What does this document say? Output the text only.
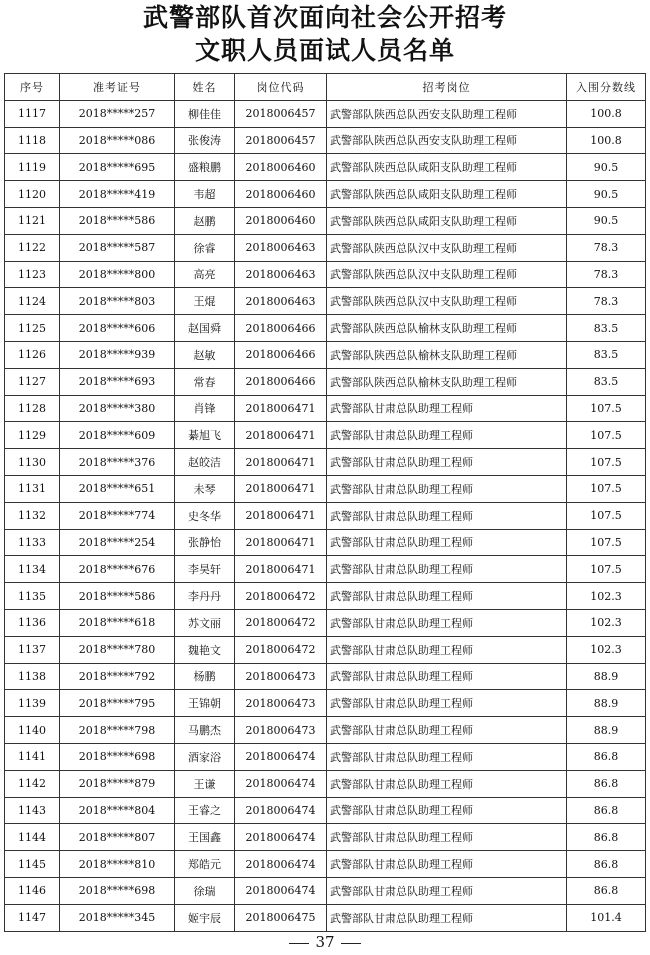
武警部队首次面向社会公开招考
文职人员面试人员名单
序号	准考证号	姓名	岗位代码	招考岗位	入围分数线
1117	2018*****257	柳佳佳	2018006457	武警部队陕西总队西安支队助理工程师	100.8
1118	2018*****086	张俊涛	2018006457	武警部队陕西总队西安支队助理工程师	100.8
1119	2018*****695	盛粮鹏	2018006460	武警部队陕西总队咸阳支队助理工程师	90.5
1120	2018*****419	韦超	2018006460	武警部队陕西总队咸阳支队助理工程师	90.5
1121	2018*****586	赵鹏	2018006460	武警部队陕西总队咸阳支队助理工程师	90.5
1122	2018*****587	徐睿	2018006463	武警部队陕西总队汉中支队助理工程师	78.3
1123	2018*****800	高亮	2018006463	武警部队陕西总队汉中支队助理工程师	78.3
1124	2018*****803	王焜	2018006463	武警部队陕西总队汉中支队助理工程师	78.3
1125	2018*****606	赵国舜	2018006466	武警部队陕西总队榆林支队助理工程师	83.5
1126	2018*****939	赵敏	2018006466	武警部队陕西总队榆林支队助理工程师	83.5
1127	2018*****693	常春	2018006466	武警部队陕西总队榆林支队助理工程师	83.5
1128	2018*****380	肖锋	2018006471	武警部队甘肃总队助理工程师	107.5
1129	2018*****609	綦旭飞	2018006471	武警部队甘肃总队助理工程师	107.5
1130	2018*****376	赵皎洁	2018006471	武警部队甘肃总队助理工程师	107.5
1131	2018*****651	未琴	2018006471	武警部队甘肃总队助理工程师	107.5
1132	2018*****774	史冬华	2018006471	武警部队甘肃总队助理工程师	107.5
1133	2018*****254	张静怡	2018006471	武警部队甘肃总队助理工程师	107.5
1134	2018*****676	李昊轩	2018006471	武警部队甘肃总队助理工程师	107.5
1135	2018*****586	李丹丹	2018006472	武警部队甘肃总队助理工程师	102.3
1136	2018*****618	苏文丽	2018006472	武警部队甘肃总队助理工程师	102.3
1137	2018*****780	魏艳文	2018006472	武警部队甘肃总队助理工程师	102.3
1138	2018*****792	杨鹏	2018006473	武警部队甘肃总队助理工程师	88.9
1139	2018*****795	王锦朝	2018006473	武警部队甘肃总队助理工程师	88.9
1140	2018*****798	马鹏杰	2018006473	武警部队甘肃总队助理工程师	88.9
1141	2018*****698	酒家浴	2018006474	武警部队甘肃总队助理工程师	86.8
1142	2018*****879	王谦	2018006474	武警部队甘肃总队助理工程师	86.8
1143	2018*****804	王睿之	2018006474	武警部队甘肃总队助理工程师	86.8
1144	2018*****807	王国鑫	2018006474	武警部队甘肃总队助理工程师	86.8
1145	2018*****810	郑皓元	2018006474	武警部队甘肃总队助理工程师	86.8
1146	2018*****698	徐瑞	2018006474	武警部队甘肃总队助理工程师	86.8
1147	2018*****345	姬宇辰	2018006475	武警部队甘肃总队助理工程师	101.4
37
